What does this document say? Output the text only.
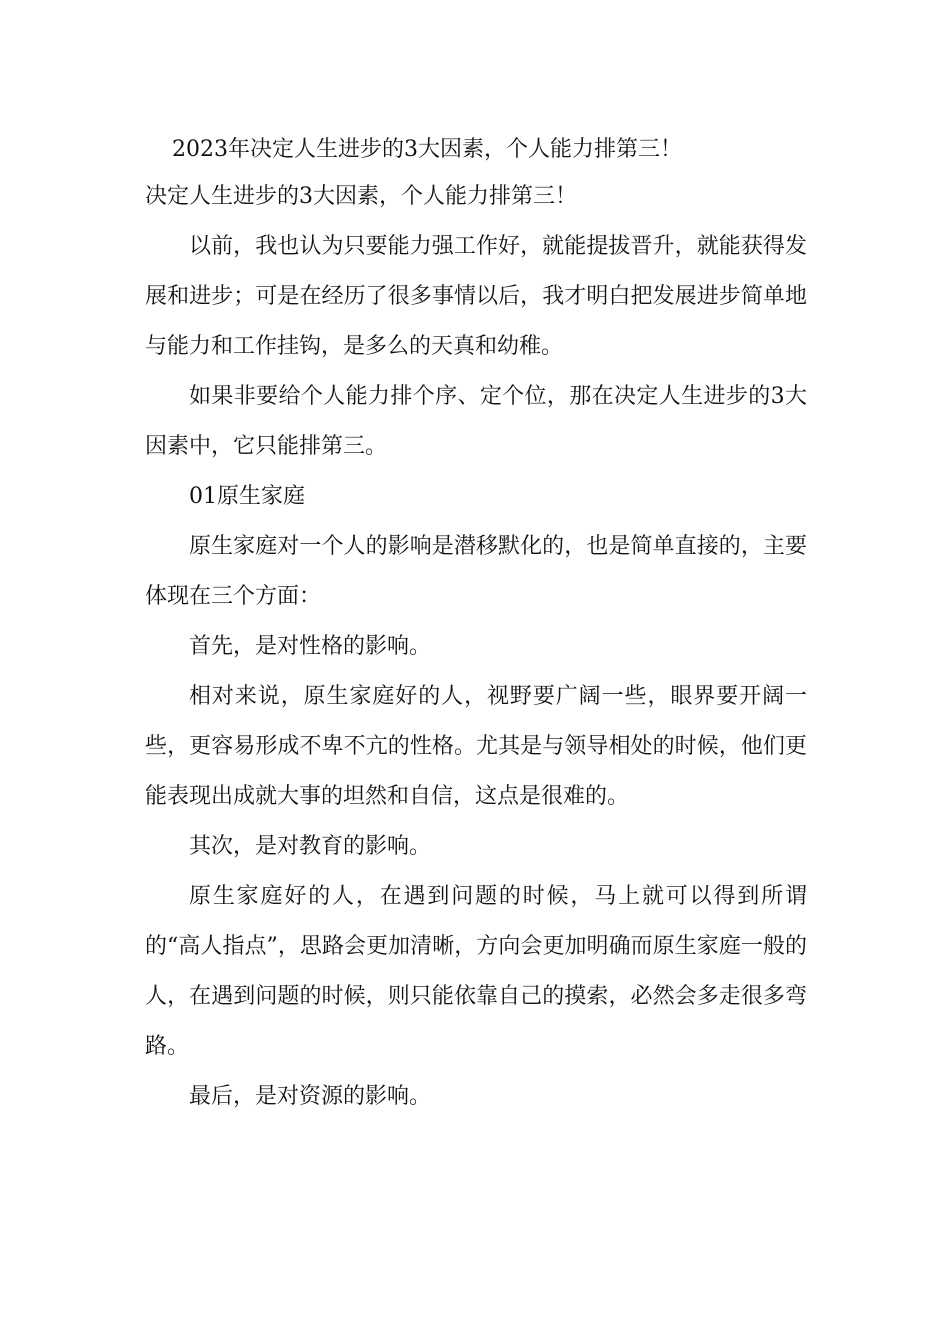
2023年决定人生进步的3大因素，个人能力排第三！

决定人生进步的3大因素，个人能力排第三！

以前，我也认为只要能力强工作好，就能提拔晋升，就能获得发展和进步；可是在经历了很多事情以后，我才明白把发展进步简单地与能力和工作挂钩，是多么的天真和幼稚。

如果非要给个人能力排个序、定个位，那在决定人生进步的3大因素中，它只能排第三。

01原生家庭

原生家庭对一个人的影响是潜移默化的，也是简单直接的，主要体现在三个方面：

首先，是对性格的影响。

相对来说，原生家庭好的人，视野要广阔一些，眼界要开阔一些，更容易形成不卑不亢的性格。尤其是与领导相处的时候，他们更能表现出成就大事的坦然和自信，这点是很难的。

其次，是对教育的影响。

原生家庭好的人，在遇到问题的时候，马上就可以得到所谓的“高人指点”，思路会更加清晰，方向会更加明确而原生家庭一般的人，在遇到问题的时候，则只能依靠自己的摸索，必然会多走很多弯路。

最后，是对资源的影响。
